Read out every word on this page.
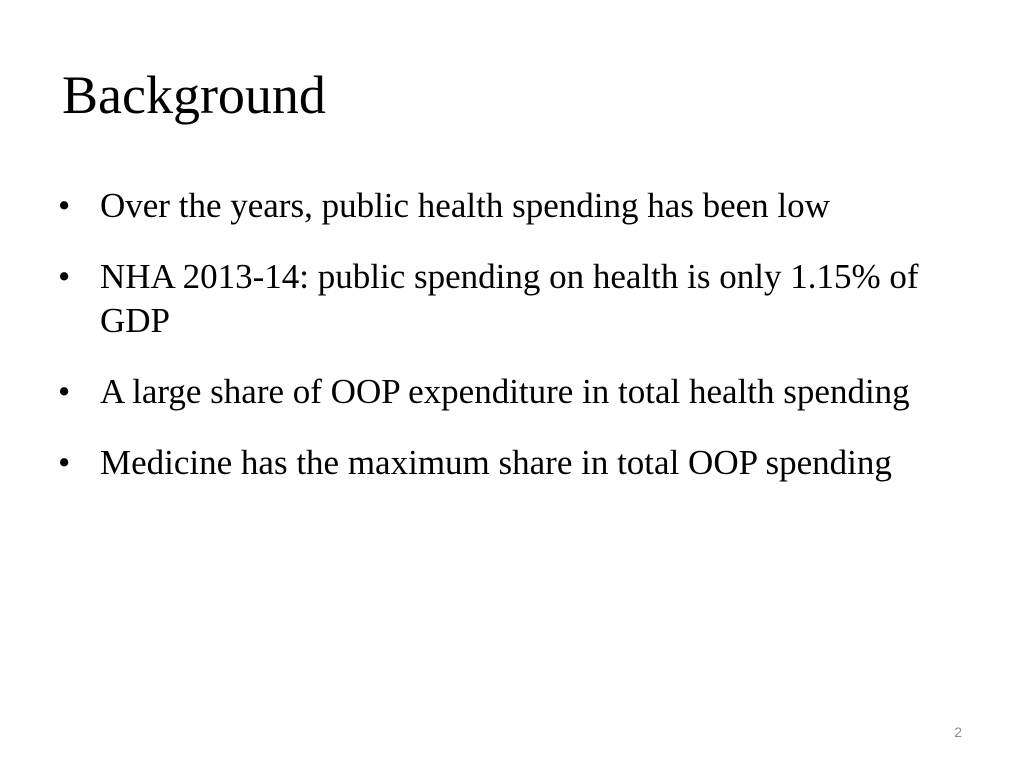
Background
• Over the years, public health spending has been low
• NHA 2013-14: public spending on health is only 1.15% of GDP
• A large share of OOP expenditure in total health spending
• Medicine has the maximum share in total OOP spending
2
